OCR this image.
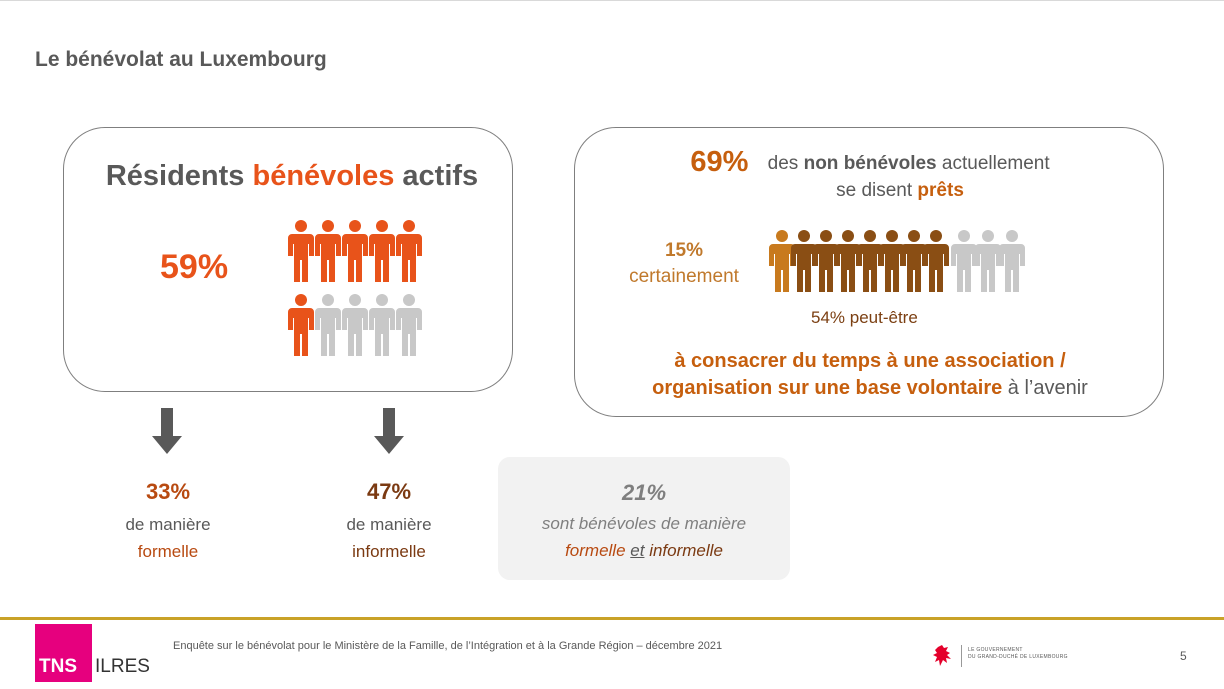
Le bénévolat au Luxembourg
Résidents bénévoles actifs
59%
69% des non bénévoles actuellement
se disent prêts
15%
certainement
54% peut-être
à consacrer du temps à une association /
organisation sur une base volontaire à l’avenir
33%
de manière
formelle
47%
de manière
informelle
21%
sont bénévoles de manière
formelle et informelle
TNS ILRES
Enquête sur le bénévolat pour le Ministère de la Famille, de l’Intégration et à la Grande Région – décembre 2021	LE GOUVERNEMENT
DU GRAND-DUCHÉ DE LUXEMBOURG	5
